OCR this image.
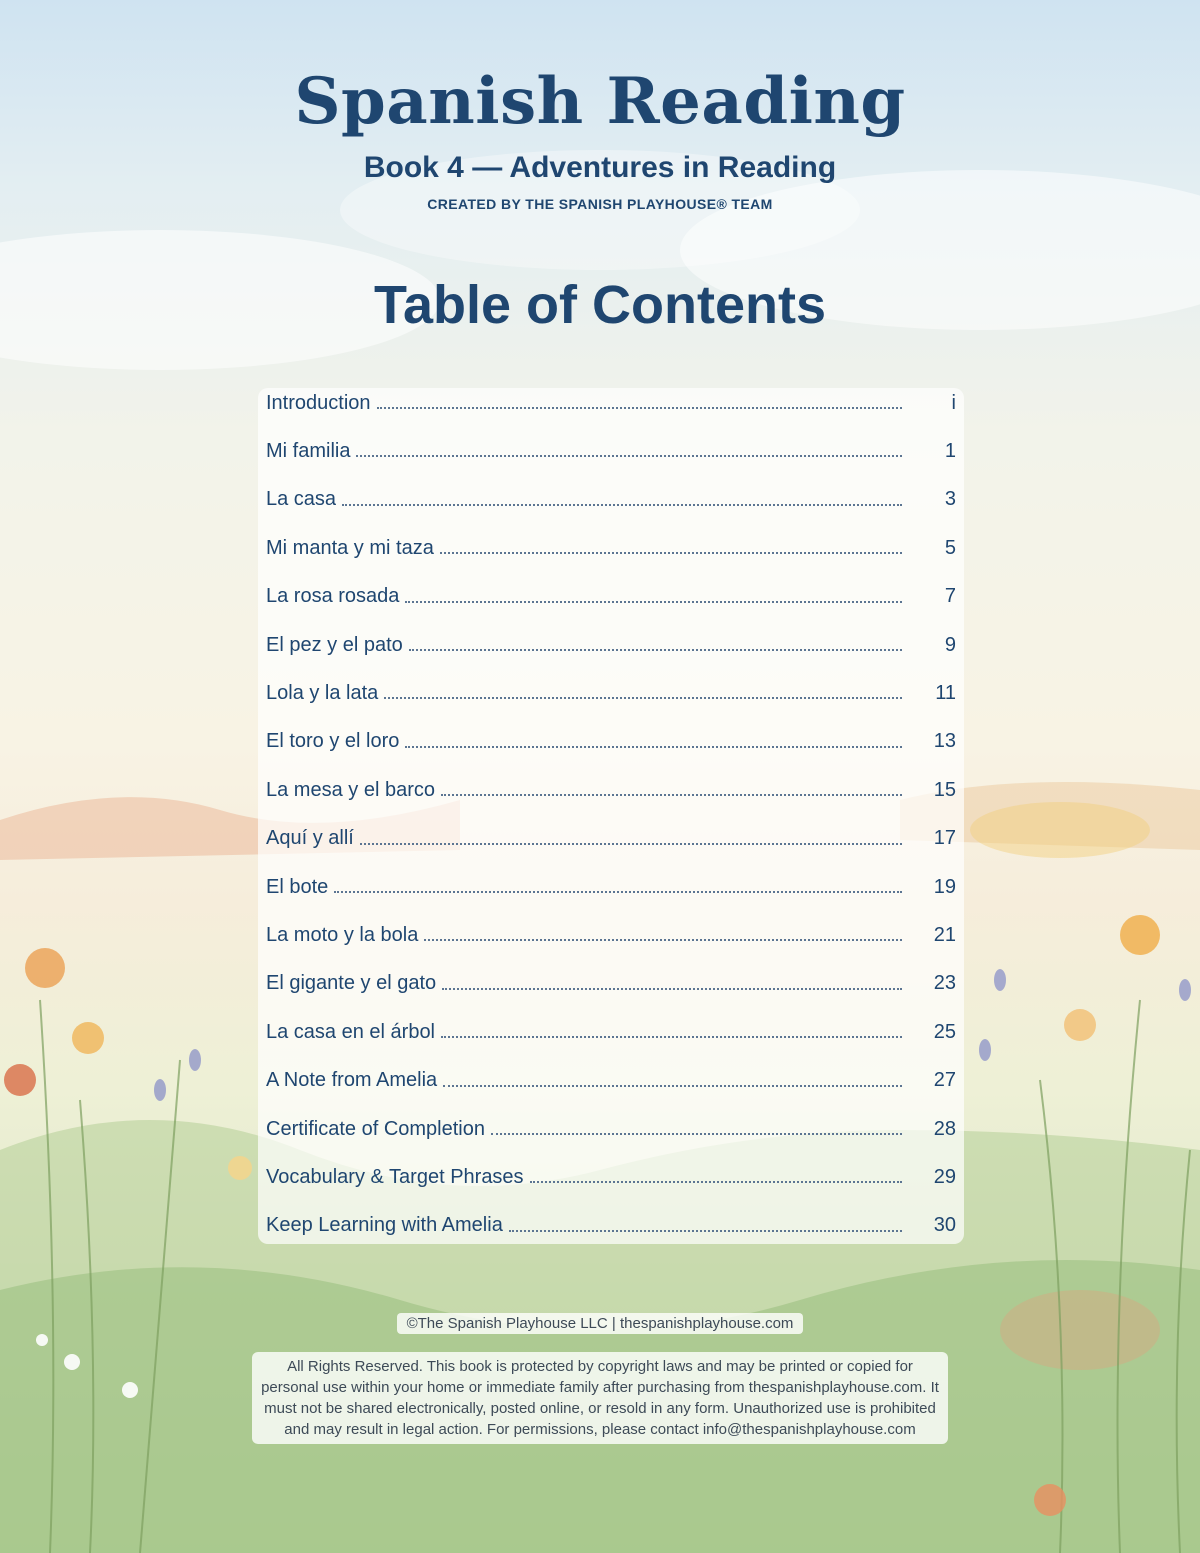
Spanish Reading
Book 4 — Adventures in Reading
CREATED BY THE SPANISH PLAYHOUSE® TEAM
Table of Contents
Introduction	i
Mi familia	1
La casa	3
Mi manta y mi taza	5
La rosa rosada	7
El pez y el pato	9
Lola y la lata	11
El toro y el loro	13
La mesa y el barco	15
Aquí y allí	17
El bote	19
La moto y la bola	21
El gigante y el gato	23
La casa en el árbol	25
A Note from Amelia	27
Certificate of Completion	28
Vocabulary & Target Phrases	29
Keep Learning with Amelia	30
©The Spanish Playhouse LLC | thespanishplayhouse.com
All Rights Reserved. This book is protected by copyright laws and may be printed or copied for personal use within your home or immediate family after purchasing from thespanishplayhouse.com. It must not be shared electronically, posted online, or resold in any form. Unauthorized use is prohibited and may result in legal action. For permissions, please contact info@thespanishplayhouse.com
